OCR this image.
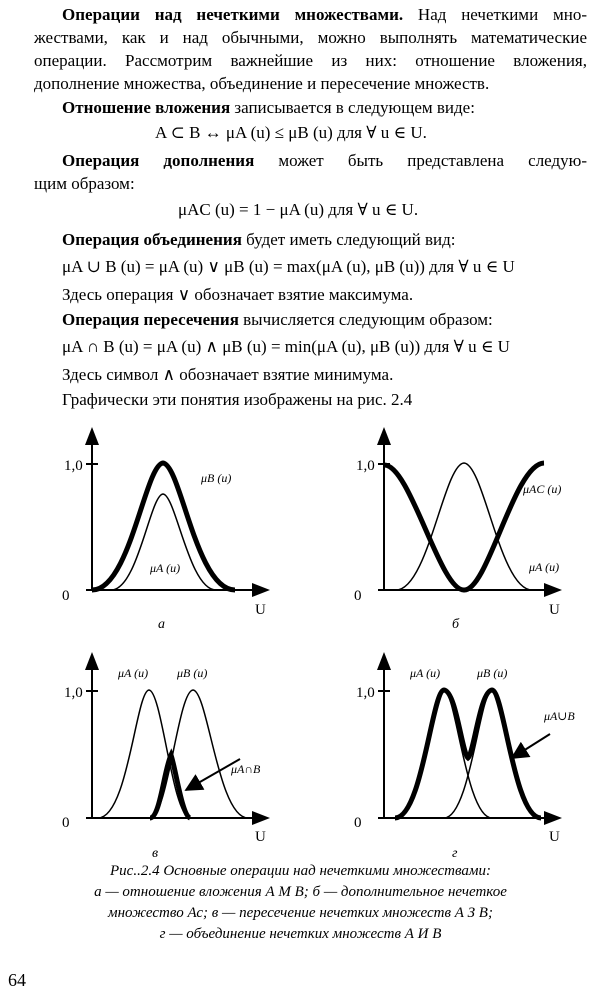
Операции над нечеткими множествами. Над нечеткими мно-

жествами, как и над обычными, можно выполнять математические

операции. Рассмотрим важнейшие из них: отношение вложения,

дополнение множества, объединение и пересечение множеств.

Отношение вложения записывается в следующем виде:

A ⊂ B ↔ μA (u) ≤ μB (u) для ∀ u ∈ U.

Операция дополнения может быть представлена следую-

щим образом:

μAC (u) = 1 − μA (u) для ∀ u ∈ U.

Операция объединения будет иметь следующий вид:

μA ∪ B (u) = μA (u) ∨ μB (u) = max(μA (u), μB (u)) для ∀ u ∈ U

Здесь операция ∨ обозначает взятие максимума.

Операция пересечения вычисляется следующим образом:

μA ∩ B (u) = μA (u) ∧ μB (u) = min(μA (u), μB (u)) для ∀ u ∈ U

Здесь символ ∧ обозначает взятие минимума.

Графически эти понятия изображены на рис. 2.4

1,0
0
U
μB (u)
μA (u)
а
1,0
0
U
μAC (u)
μA (u)
б
1,0
0
U
μA (u) μB (u)
μA∩B
в
1,0
0
U
μA (u)	μB (u)
μA∪B
г

Рис..2.4 Основные операции над нечеткими множествами:

а — отношение вложения А М В; б — дополнительное нечеткое

множество Ас; в — пересечение нечетких множеств А З В;

г — объединение нечетких множеств А И В

64
